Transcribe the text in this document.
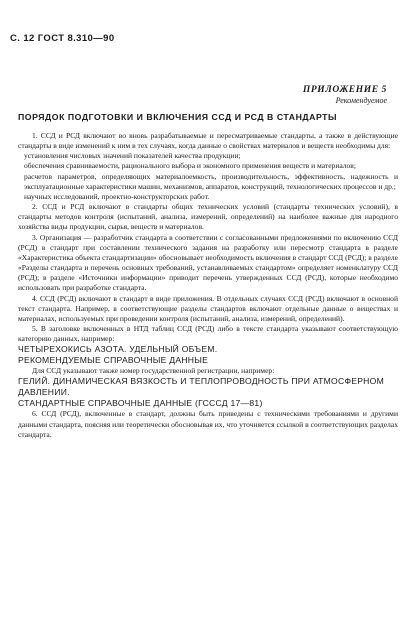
С. 12 ГОСТ 8.310—90
ПРИЛОЖЕНИЕ 5
Рекомендуемое
ПОРЯДОК ПОДГОТОВКИ И ВКЛЮЧЕНИЯ ССД И РСД В СТАНДАРТЫ

1. ССД и РСД включают во вновь разрабатываемые и пересматриваемые стандарты, а также в действующие стандарты в виде изменений к ним в тех случаях, когда данные о свойствах материалов и веществ необходимы для:

установления числовых значений показателей качества продукции;

обеспечения сравниваемости, рационального выбора и экономного применения веществ и материалов;

расчетов параметров, определяющих материалоемкость, производительность, эффективность, надежность и эксплуатационные характеристики машин, механизмов, аппаратов, конструкций, технологических процессов и др.;

научных исследований, проектно-конструкторских работ.

2. ССД и РСД включают в стандарты общих технических условий (стандарты технических условий), в стандарты методов контроля (испытаний, анализа, измерений, определений) на наиболее важные для народного хозяйства виды продукции, сырья, веществ и материалов.

3. Организация — разработчик стандарта в соответствии с согласованными предложениями по включению ССД (РСД) в стандарт при составлении технического задания на разработку или пересмотр стандарта в разделе «Характеристика объекта стандартизации» обосновывает необходимость включения в стандарт ССД (РСД); в разделе «Разделы стандарта и перечень основных требований, устанавливаемых стандартом» определяет номенклатуру ССД (РСД); в разделе «Источники информации» приводит перечень утвержденных ССД (РСД), которые необходимо использовать при разработке стандарта.

4. ССД (РСД) включают в стандарт в виде приложения. В отдельных случаях ССД (РСД) включают в основной текст стандарта. Например, в соответствующие разделы стандартов включают отдельные данные о веществах и материалах, используемых при проведении контроля (испытаний, анализа, измерений, определений).

5. В заголовке включенных в НТД таблиц ССД (РСД) либо в тексте стандарта указывают соответствующую категорию данных, например:

ЧЕТЫРЕХОКИСЬ АЗОТА. УДЕЛЬНЫЙ ОБЪЕМ.

РЕКОМЕНДУЕМЫЕ СПРАВОЧНЫЕ ДАННЫЕ

Для ССД указывают также номер государственной регистрации, например:

ГЕЛИЙ. ДИНАМИЧЕСКАЯ ВЯЗКОСТЬ И ТЕПЛОПРОВОДНОСТЬ ПРИ АТМОСФЕРНОМ ДАВЛЕНИИ.

СТАНДАРТНЫЕ СПРАВОЧНЫЕ ДАННЫЕ (ГСССД 17—81)

6. ССД (РСД), включенные в стандарт, должны быть приведены с техническими требованиями и другими данными стандарта, поясняя или теоретически обосновывая их, что уточняется ссылкой в соответствующих разделах стандарта.
